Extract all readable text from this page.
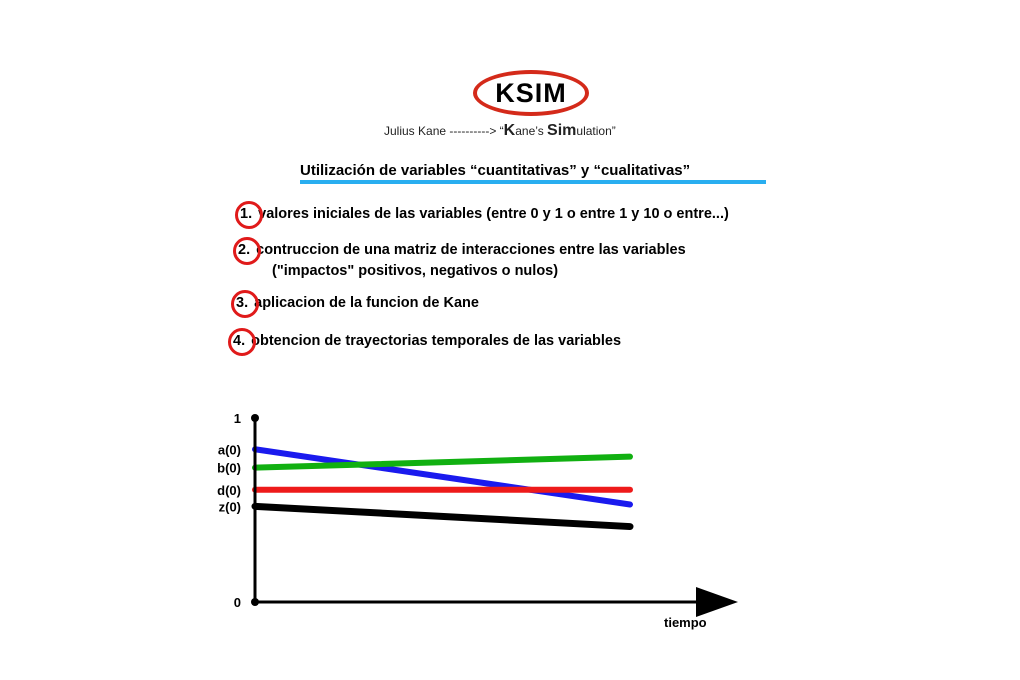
KSIM
Julius Kane ----------> “Kane’s Simulation”
Utilización de variables “cuantitativas” y “cualitativas”
1. valores iniciales de las variables (entre 0 y 1 o entre 1 y 10 o entre...)
2. contruccion de una matriz de interacciones entre las variables
("impactos" positivos, negativos o nulos)
3. aplicacion de la funcion de Kane
4. obtencion de trayectorias temporales de las variables
1
a(0)
b(0)
d(0)
z(0)
0
tiempo
